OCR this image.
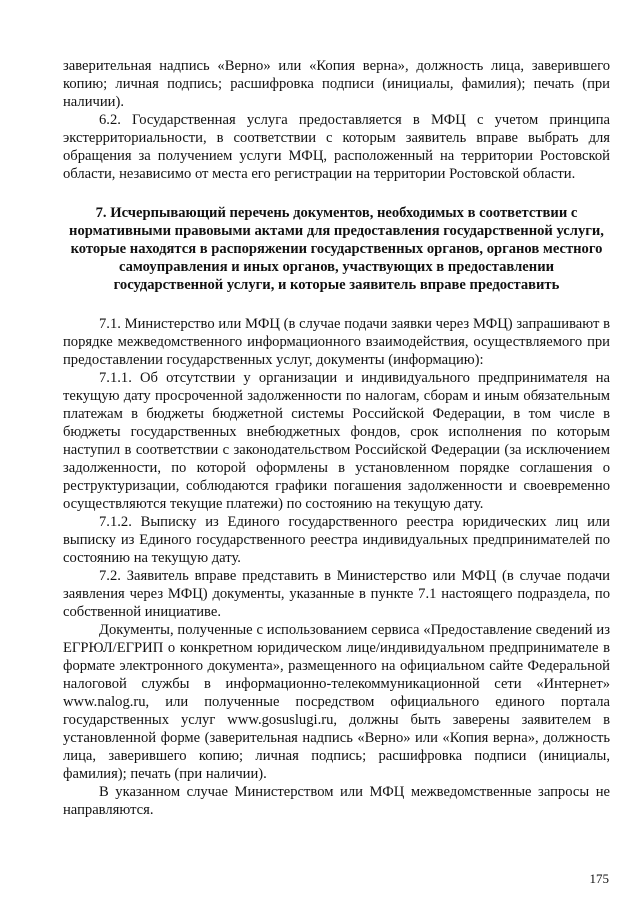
заверительная надпись «Верно» или «Копия верна», должность лица, заверившего копию; личная подпись; расшифровка подписи (инициалы, фамилия); печать (при наличии).

6.2. Государственная услуга предоставляется в МФЦ с учетом принципа экстерриториальности, в соответствии с которым заявитель вправе выбрать для обращения за получением услуги МФЦ, расположенный на территории Ростовской области, независимо от места его регистрации на территории Ростовской области.

7. Исчерпывающий перечень документов, необходимых в соответствии с нормативными правовыми актами для предоставления государственной услуги, которые находятся в распоряжении государственных органов, органов местного самоуправления и иных органов, участвующих в предоставлении государственной услуги, и которые заявитель вправе предоставить

7.1. Министерство или МФЦ (в случае подачи заявки через МФЦ) запрашивают в порядке межведомственного информационного взаимодействия, осуществляемого при предоставлении государственных услуг, документы (информацию):

7.1.1. Об отсутствии у организации и индивидуального предпринимателя на текущую дату просроченной задолженности по налогам, сборам и иным обязательным платежам в бюджеты бюджетной системы Российской Федерации, в том числе в бюджеты государственных внебюджетных фондов, срок исполнения по которым наступил в соответствии с законодательством Российской Федерации (за исключением задолженности, по которой оформлены в установленном порядке соглашения о реструктуризации, соблюдаются графики погашения задолженности и своевременно осуществляются текущие платежи) по состоянию на текущую дату.

7.1.2. Выписку из Единого государственного реестра юридических лиц или выписку из Единого государственного реестра индивидуальных предпринимателей по состоянию на текущую дату.

7.2. Заявитель вправе представить в Министерство или МФЦ (в случае подачи заявления через МФЦ) документы, указанные в пункте 7.1 настоящего подраздела, по собственной инициативе.

Документы, полученные с использованием сервиса «Предоставление сведений из ЕГРЮЛ/ЕГРИП о конкретном юридическом лице/индивидуальном предпринимателе в формате электронного документа», размещенного на официальном сайте Федеральной налоговой службы в информационно-телекоммуникационной сети «Интернет» www.nalog.ru, или полученные посредством официального единого портала государственных услуг www.gosuslugi.ru, должны быть заверены заявителем в установленной форме (заверительная надпись «Верно» или «Копия верна», должность лица, заверившего копию; личная подпись; расшифровка подписи (инициалы, фамилия); печать (при наличии).

В указанном случае Министерством или МФЦ межведомственные запросы не направляются.

175
